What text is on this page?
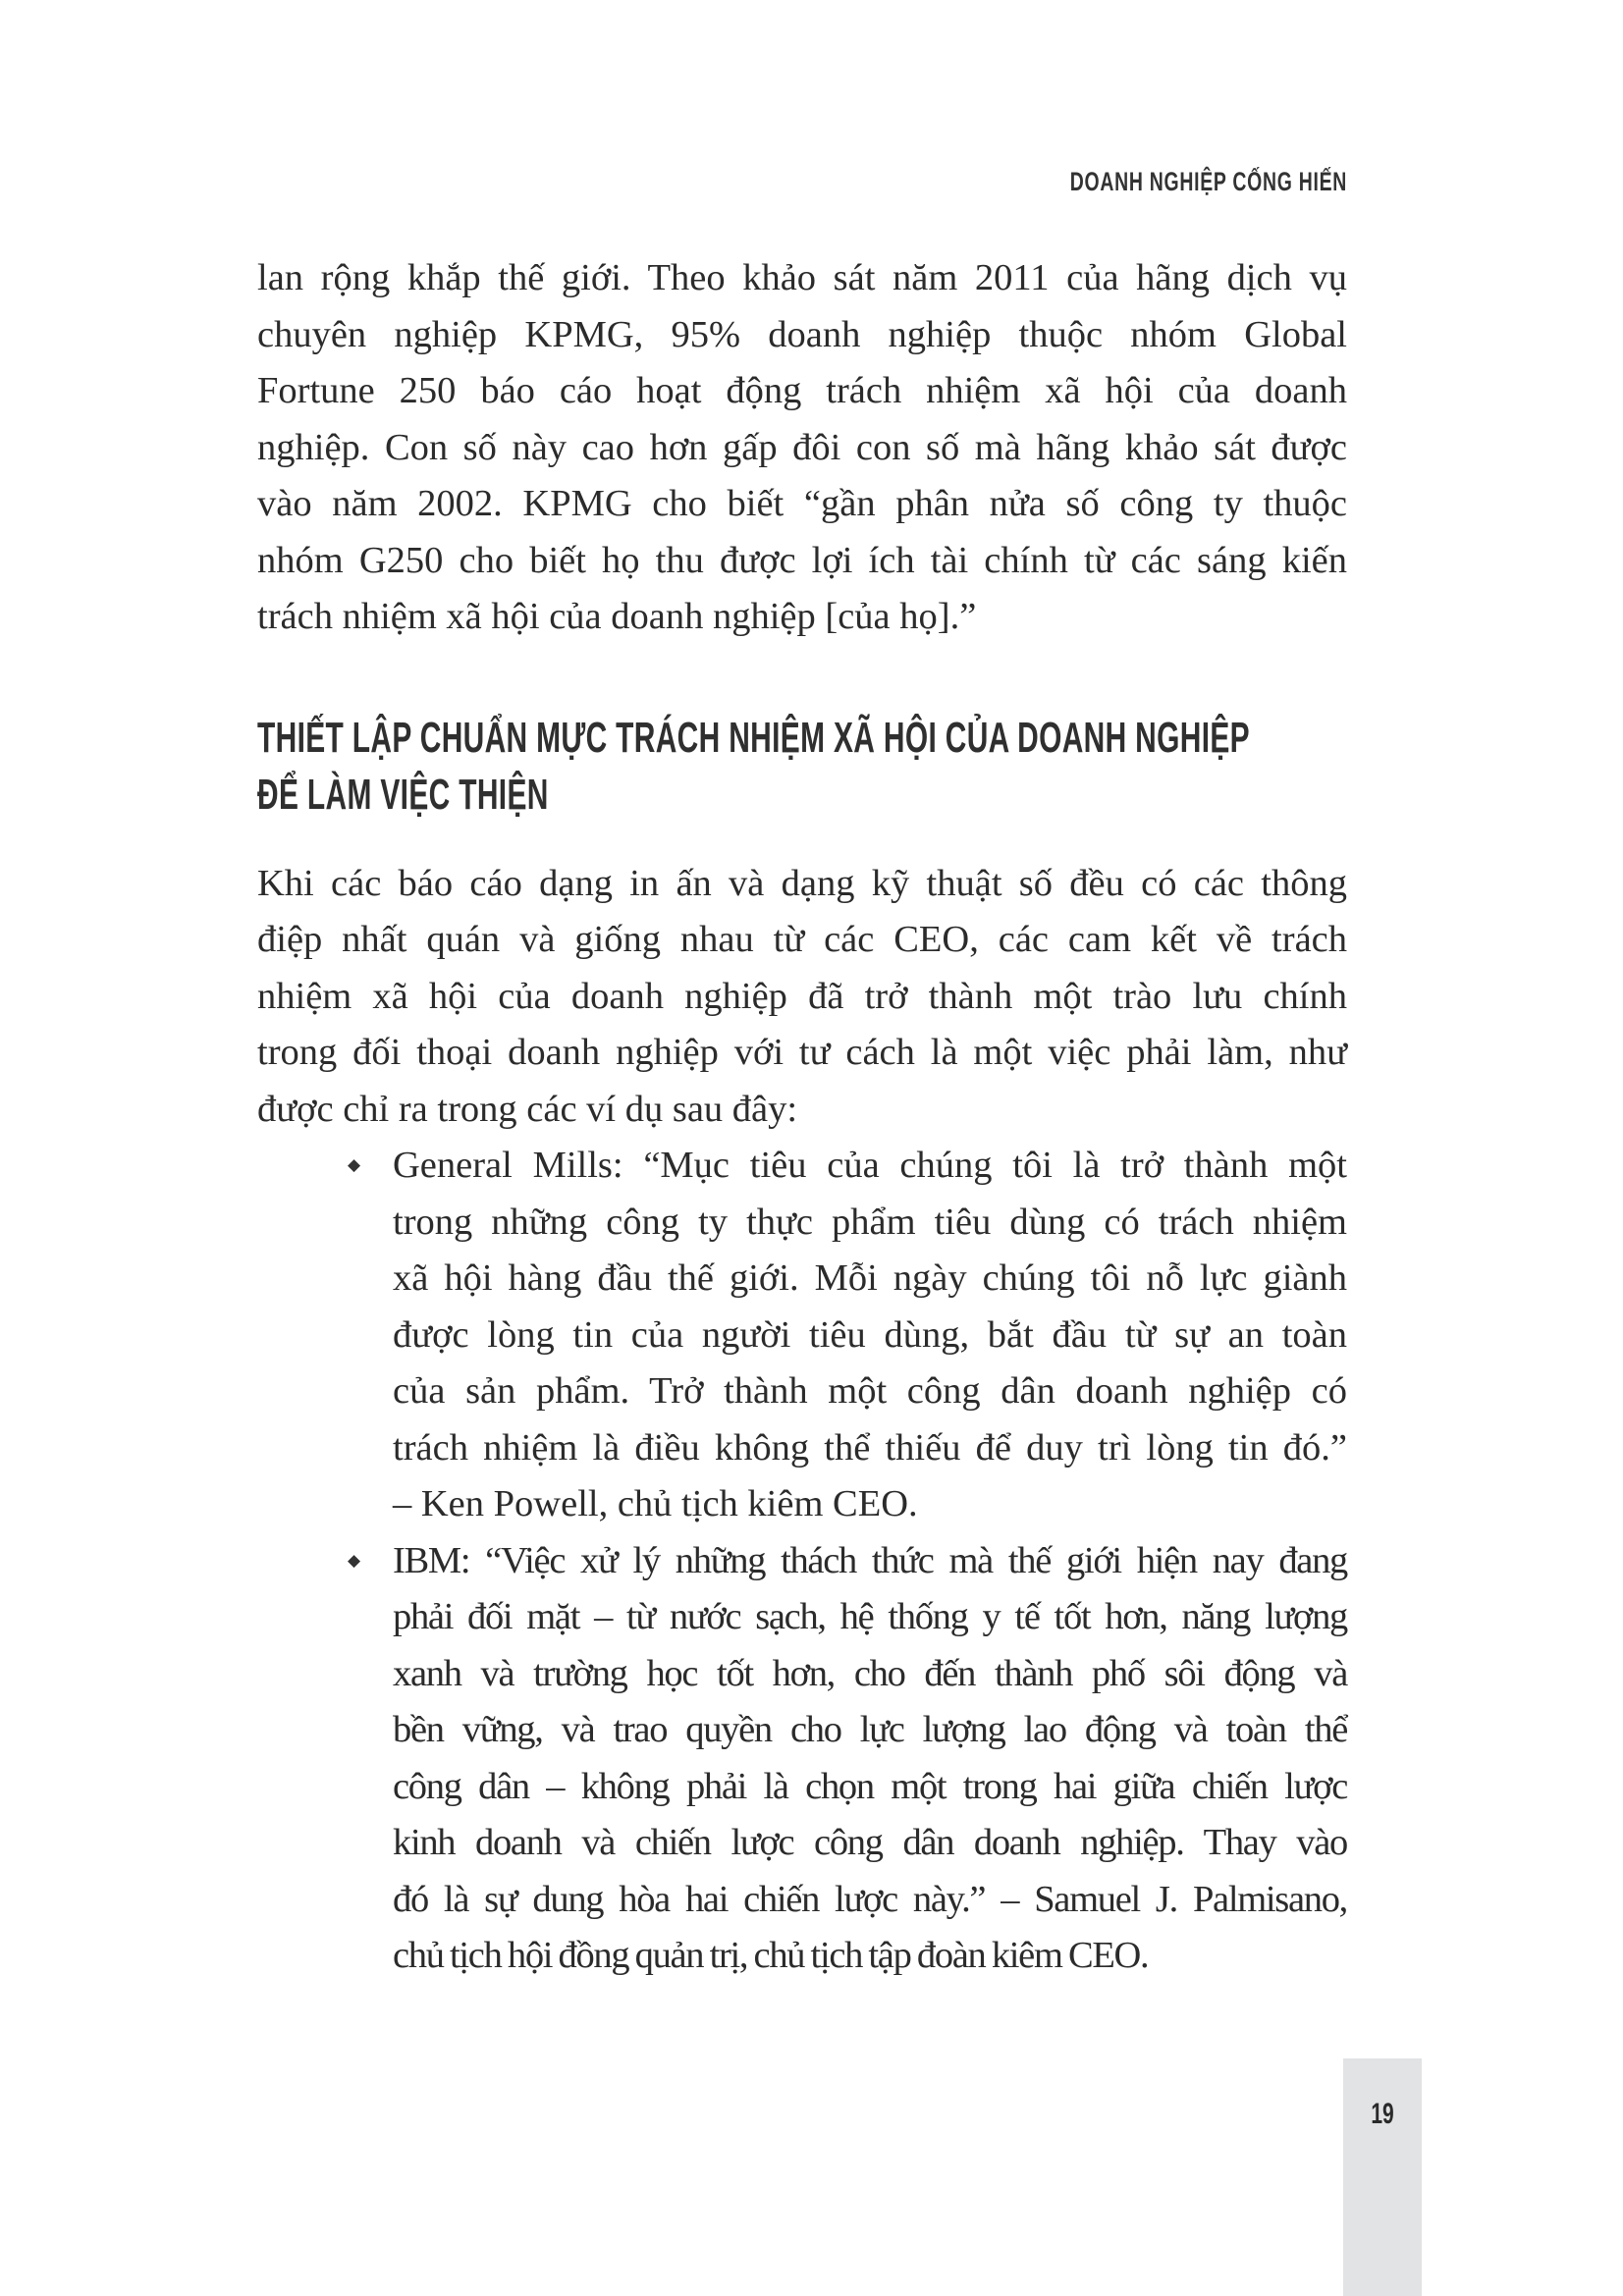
DOANH NGHIỆP CỐNG HIẾN
lan rộng khắp thế giới. Theo khảo sát năm 2011 của hãng dịch vụ
chuyên nghiệp KPMG, 95% doanh nghiệp thuộc nhóm Global
Fortune 250 báo cáo hoạt động trách nhiệm xã hội của doanh
nghiệp. Con số này cao hơn gấp đôi con số mà hãng khảo sát được
vào năm 2002. KPMG cho biết “gần phân nửa số công ty thuộc
nhóm G250 cho biết họ thu được lợi ích tài chính từ các sáng kiến
trách nhiệm xã hội của doanh nghiệp [của họ].”
THIẾT LẬP CHUẨN MỰC TRÁCH NHIỆM XÃ HỘI CỦA DOANH NGHIỆP
ĐỂ LÀM VIỆC THIỆN
Khi các báo cáo dạng in ấn và dạng kỹ thuật số đều có các thông
điệp nhất quán và giống nhau từ các CEO, các cam kết về trách
nhiệm xã hội của doanh nghiệp đã trở thành một trào lưu chính
trong đối thoại doanh nghiệp với tư cách là một việc phải làm, như
được chỉ ra trong các ví dụ sau đây:
◆ General Mills: “Mục tiêu của chúng tôi là trở thành một
trong những công ty thực phẩm tiêu dùng có trách nhiệm
xã hội hàng đầu thế giới. Mỗi ngày chúng tôi nỗ lực giành
được lòng tin của người tiêu dùng, bắt đầu từ sự an toàn
của sản phẩm. Trở thành một công dân doanh nghiệp có
trách nhiệm là điều không thể thiếu để duy trì lòng tin đó.”
– Ken Powell, chủ tịch kiêm CEO.
◆ IBM: “Việc xử lý những thách thức mà thế giới hiện nay đang
phải đối mặt – từ nước sạch, hệ thống y tế tốt hơn, năng lượng
xanh và trường học tốt hơn, cho đến thành phố sôi động và
bền vững, và trao quyền cho lực lượng lao động và toàn thể
công dân – không phải là chọn một trong hai giữa chiến lược
kinh doanh và chiến lược công dân doanh nghiệp. Thay vào
đó là sự dung hòa hai chiến lược này.” – Samuel J. Palmisano,
chủ tịch hội đồng quản trị, chủ tịch tập đoàn kiêm CEO.
19
